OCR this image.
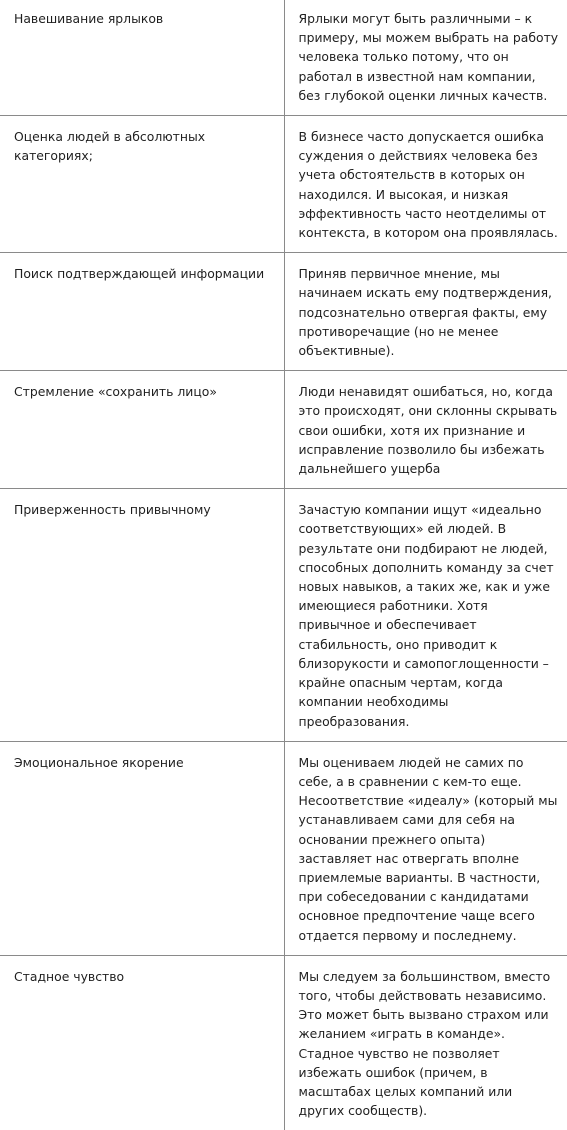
Навешивание ярлыков	Ярлыки могут быть различными – к примеру, мы можем выбрать на работу человека только потому, что он работал в известной нам компании, без глубокой оценки личных качеств.

Оценка людей в абсолютных категориях;	В бизнесе часто допускается ошибка суждения о действиях человека без учета обстоятельств в которых он находился. И высокая, и низкая эффективность часто неотделимы от контекста, в котором она проявлялась.

Поиск подтверждающей информации	Приняв первичное мнение, мы начинаем искать ему подтверждения, подсознательно отвергая факты, ему противоречащие (но не менее объективные).

Стремление «сохранить лицо»	Люди ненавидят ошибаться, но, когда это происходят, они склонны скрывать свои ошибки, хотя их признание и исправление позволило бы избежать дальнейшего ущерба

Приверженность привычному	Зачастую компании ищут «идеально соответствующих» ей людей. В результате они подбирают не людей, способных дополнить команду за счет новых навыков, а таких же, как и уже имеющиеся работники. Хотя привычное и обеспечивает стабильность, оно приводит к близорукости и самопоглощенности – крайне опасным чертам, когда компании необходимы преобразования.

Эмоциональное якорение	Мы оцениваем людей не самих по себе, а в сравнении с кем-то еще. Несоответствие «идеалу» (который мы устанавливаем сами для себя на основании прежнего опыта) заставляет нас отвергать вполне приемлемые варианты. В частности, при собеседовании с кандидатами основное предпочтение чаще всего отдается первому и последнему.

Стадное чувство	Мы следуем за большинством, вместо того, чтобы действовать независимо. Это может быть вызвано страхом или желанием «играть в команде». Стадное чувство не позволяет избежать ошибок (причем, в масштабах целых компаний или других сообществ).
